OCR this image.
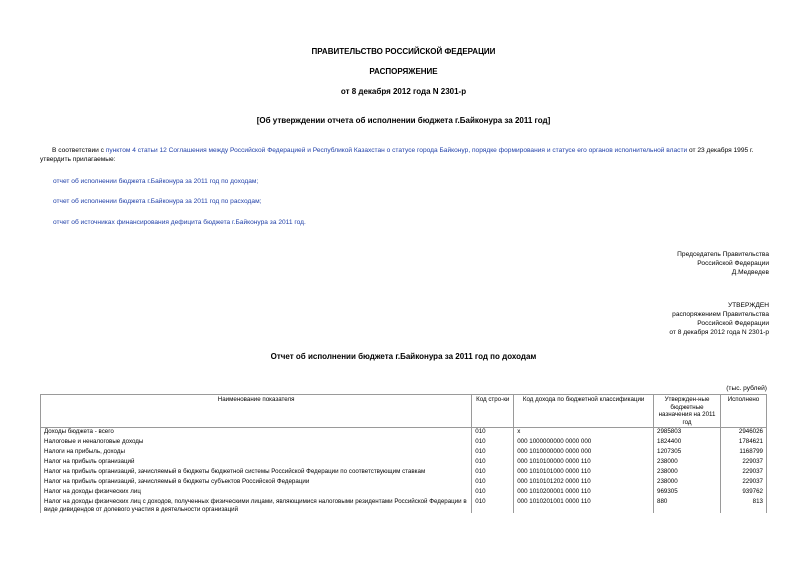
ПРАВИТЕЛЬСТВО РОССИЙСКОЙ ФЕДЕРАЦИИ
РАСПОРЯЖЕНИЕ
от 8 декабря 2012 года N 2301-р
[Об утверждении отчета об исполнении бюджета г.Байконура за 2011 год]
В соответствии с пунктом 4 статьи 12 Соглашения между Российской Федерацией и Республикой Казахстан о статусе города Байконур, порядке формирования и статусе его органов исполнительной власти от 23 декабря 1995 г. утвердить прилагаемые:
отчет об исполнении бюджета г.Байконура за 2011 год по доходам;
отчет об исполнении бюджета г.Байконура за 2011 год по расходам;
отчет об источниках финансирования дефицита бюджета г.Байконура за 2011 год.
Председатель Правительства
Российской Федерации
Д.Медведев
УТВЕРЖДЕН
распоряжением Правительства
Российской Федерации
от 8 декабря 2012 года N 2301-р
Отчет об исполнении бюджета г.Байконура за 2011 год по доходам
(тыс. рублей)
Наименование показателя	Код стро-ки	Код дохода по бюджетной классификации	Утвержден-ные бюджетные назначения на 2011 год	Исполнено
Доходы бюджета - всего	010	x	2985803	2946026
Налоговые и неналоговые доходы	010	000 1000000000 0000 000	1824400	1784621
Налоги на прибыль, доходы	010	000 1010000000 0000 000	1207305	1168799
Налог на прибыль организаций	010	000 1010100000 0000 110	238000	229037
Налог на прибыль организаций, зачисляемый в бюджеты бюджетной системы Российской Федерации по соответствующим ставкам	010	000 1010101000 0000 110	238000	229037
Налог на прибыль организаций, зачисляемый в бюджеты субъектов Российской Федерации	010	000 1010101202 0000 110	238000	229037
Налог на доходы физических лиц	010	000 1010200001 0000 110	969305	939762
Налог на доходы физических лиц с доходов, полученных физическими лицами, являющимися налоговыми резидентами Российской Федерации в виде дивидендов от долевого участия в деятельности организаций	010	000 1010201001 0000 110	880	813
